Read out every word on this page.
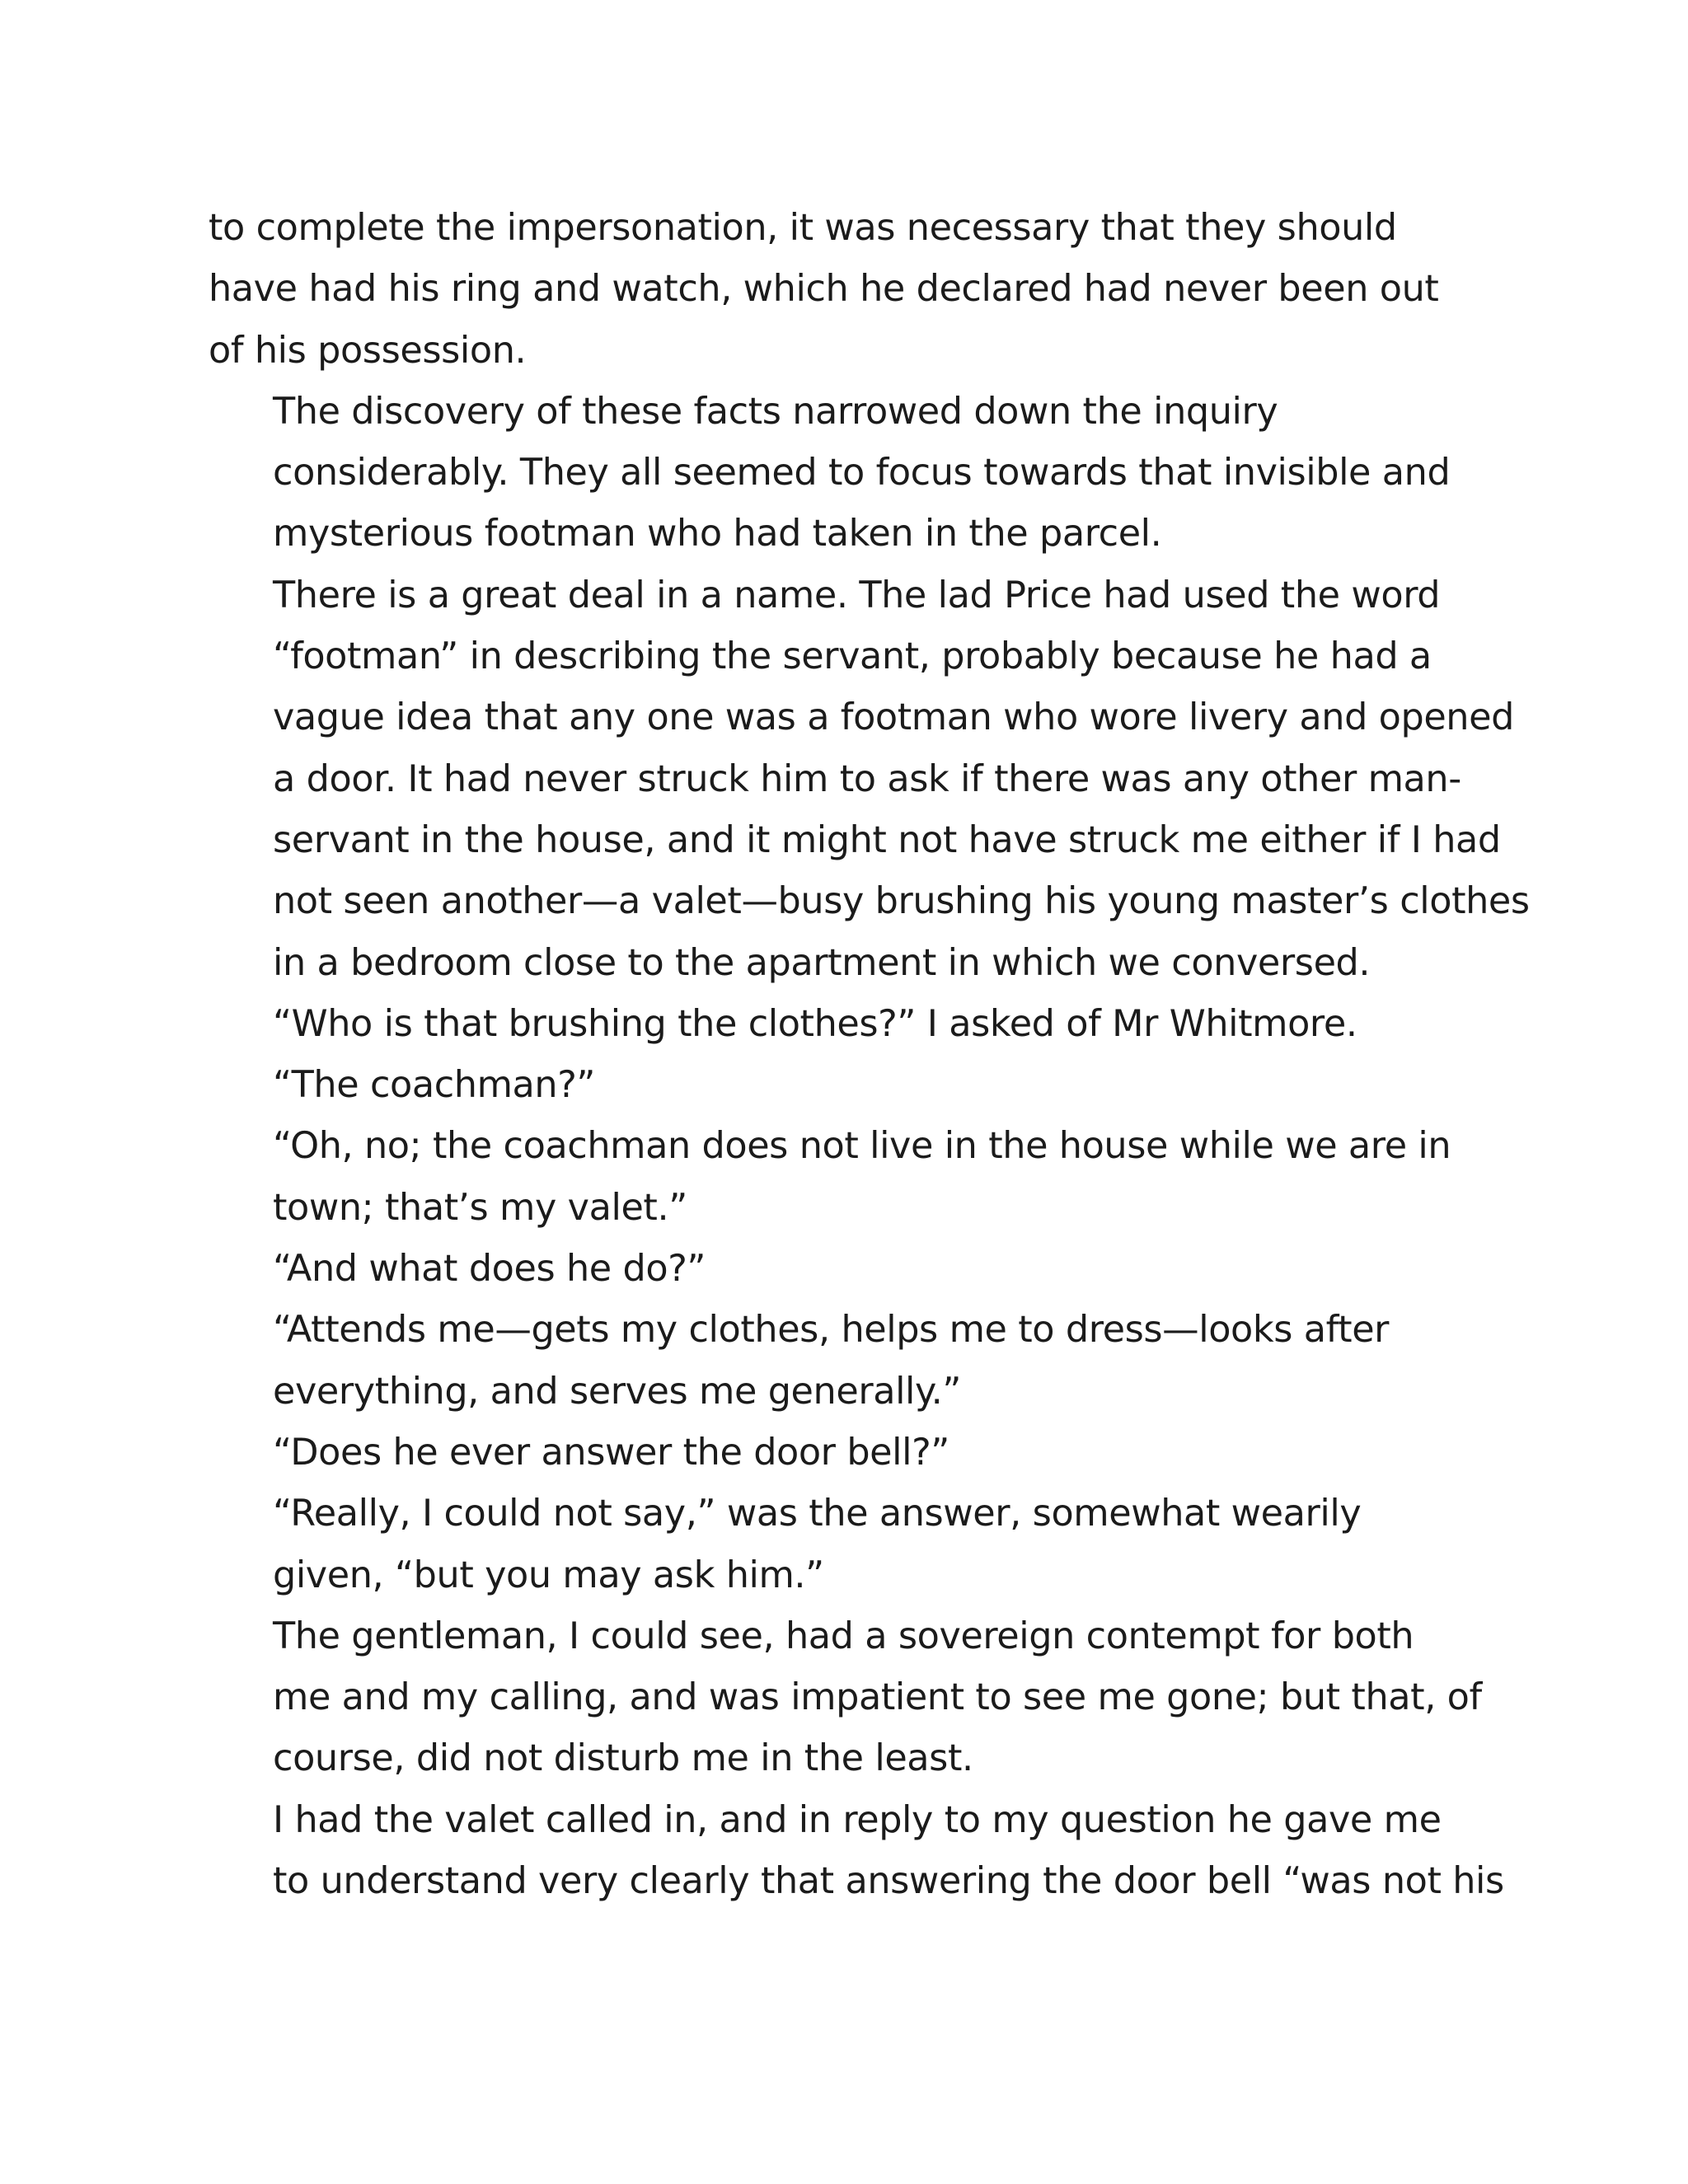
to complete the impersonation, it was necessary that they should
have had his ring and watch, which he declared had never been out
of his possession.

The discovery of these facts narrowed down the inquiry
considerably. They all seemed to focus towards that invisible and
mysterious footman who had taken in the parcel.

There is a great deal in a name. The lad Price had used the word
“footman” in describing the servant, probably because he had a
vague idea that any one was a footman who wore livery and opened
a door. It had never struck him to ask if there was any other man-
servant in the house, and it might not have struck me either if I had
not seen another—a valet—busy brushing his young master’s clothes
in a bedroom close to the apartment in which we conversed.

“Who is that brushing the clothes?” I asked of Mr Whitmore.
“The coachman?”

“Oh, no; the coachman does not live in the house while we are in
town; that’s my valet.”

“And what does he do?”

“Attends me—gets my clothes, helps me to dress—looks after
everything, and serves me generally.”

“Does he ever answer the door bell?”

“Really, I could not say,” was the answer, somewhat wearily
given, “but you may ask him.”

The gentleman, I could see, had a sovereign contempt for both
me and my calling, and was impatient to see me gone; but that, of
course, did not disturb me in the least.

I had the valet called in, and in reply to my question he gave me
to understand very clearly that answering the door bell “was not his
